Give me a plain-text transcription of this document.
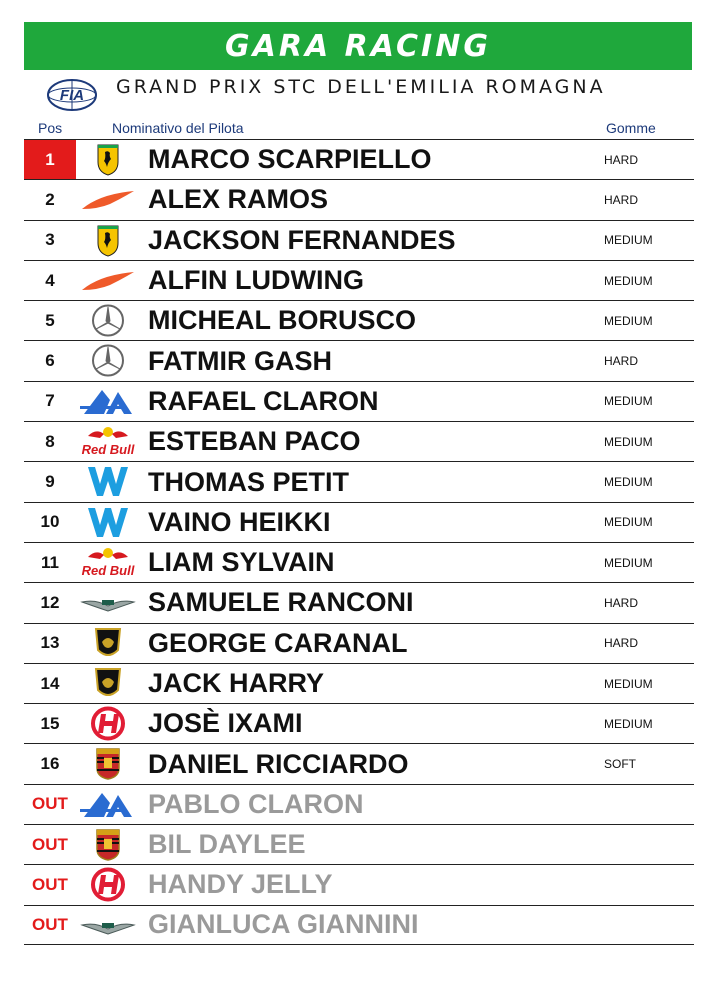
GARA RACING
FIA GRAND PRIX STC DELL'EMILIA ROMAGNA
Pos	Nominativo del Pilota	Gomme
1	MARCO SCARPIELLO	HARD
2	ALEX RAMOS	HARD
3	JACKSON FERNANDES	MEDIUM
4	ALFIN LUDWING	MEDIUM
5	MICHEAL BORUSCO	MEDIUM
6	FATMIR GASH	HARD
7	RAFAEL CLARON	MEDIUM
8	Red Bull ESTEBAN PACO	MEDIUM
9	THOMAS PETIT	MEDIUM
10	VAINO HEIKKI	MEDIUM
11	Red Bull LIAM SYLVAIN	MEDIUM
12	SAMUELE RANCONI	HARD
13	GEORGE CARANAL	HARD
14	JACK HARRY	MEDIUM
15	JOSÈ IXAMI	MEDIUM
16	DANIEL RICCIARDO	SOFT
OUT	PABLO CLARON
OUT	BIL DAYLEE
OUT	HANDY JELLY
OUT	GIANLUCA GIANNINI
